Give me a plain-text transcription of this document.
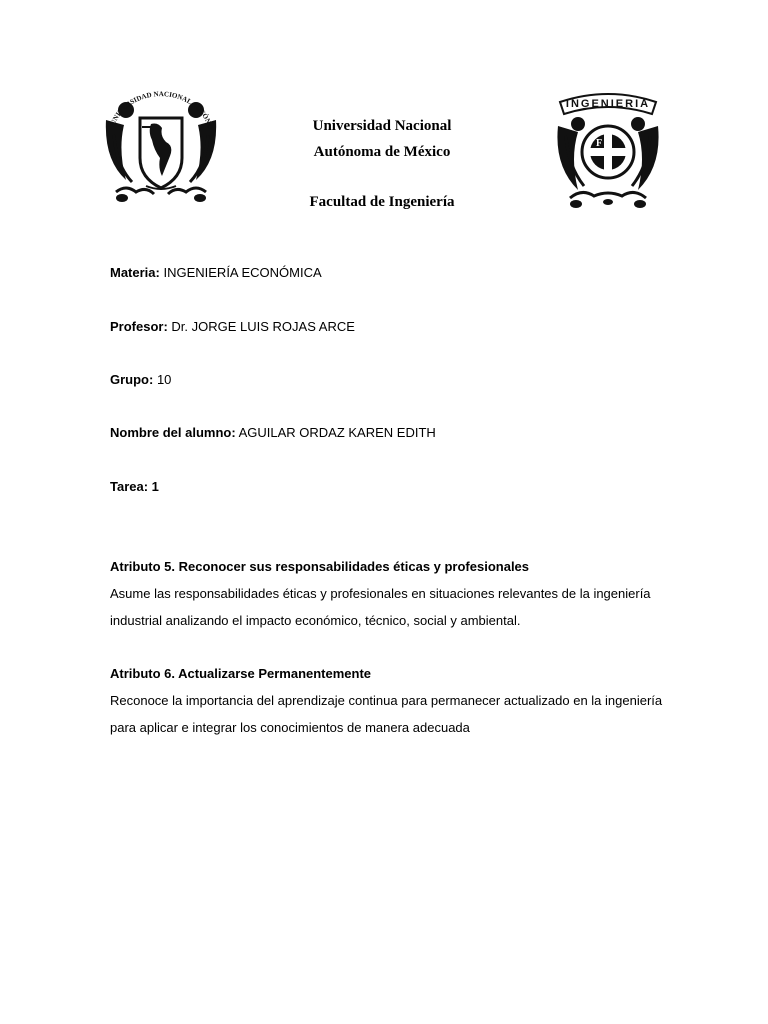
UNIVERSIDAD NACIONAL AUTÓNO
INGENIERIA
F I
Universidad Nacional
Autónoma de México
Facultad de Ingeniería
Materia: INGENIERÍA ECONÓMICA
Profesor: Dr. JORGE LUIS ROJAS ARCE
Grupo: 10
Nombre del alumno: AGUILAR ORDAZ KAREN EDITH
Tarea: 1
Atributo 5. Reconocer sus responsabilidades éticas y profesionales
Asume las responsabilidades éticas y profesionales en situaciones relevantes de la ingeniería industrial analizando el impacto económico, técnico, social y ambiental.
Atributo 6. Actualizarse Permanentemente
Reconoce la importancia del aprendizaje continua para permanecer actualizado en la ingeniería para aplicar e integrar los conocimientos de manera adecuada
